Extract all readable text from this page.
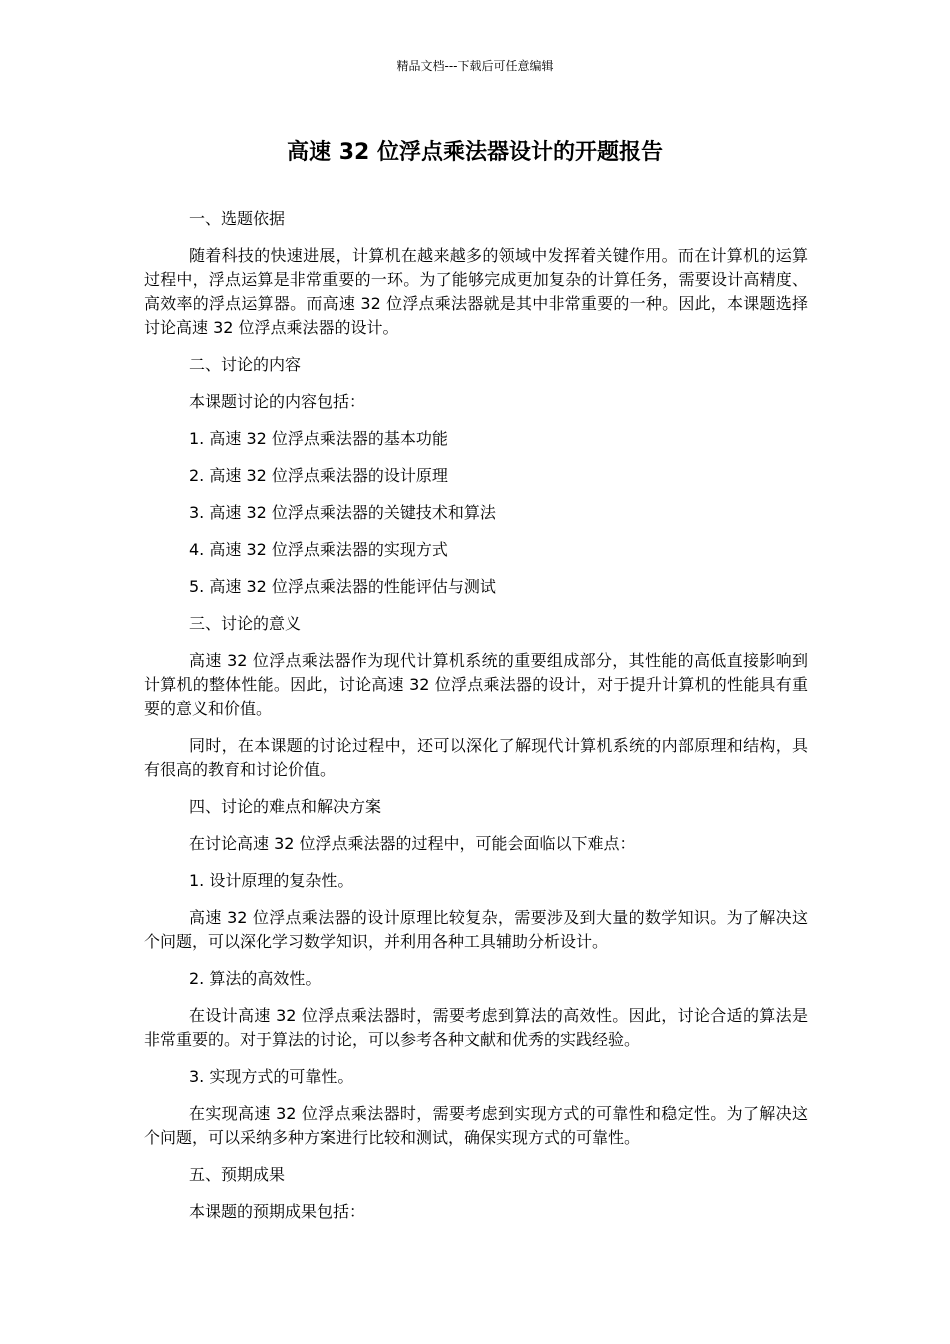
精品文档---下载后可任意编辑
高速 32 位浮点乘法器设计的开题报告

一、选题依据

随着科技的快速进展，计算机在越来越多的领域中发挥着关键作用。而在计算机的运算过程中，浮点运算是非常重要的一环。为了能够完成更加复杂的计算任务，需要设计高精度、高效率的浮点运算器。而高速 32 位浮点乘法器就是其中非常重要的一种。因此，本课题选择讨论高速 32 位浮点乘法器的设计。

二、讨论的内容

本课题讨论的内容包括：

1. 高速 32 位浮点乘法器的基本功能

2. 高速 32 位浮点乘法器的设计原理

3. 高速 32 位浮点乘法器的关键技术和算法

4. 高速 32 位浮点乘法器的实现方式

5. 高速 32 位浮点乘法器的性能评估与测试

三、讨论的意义

高速 32 位浮点乘法器作为现代计算机系统的重要组成部分，其性能的高低直接影响到计算机的整体性能。因此，讨论高速 32 位浮点乘法器的设计，对于提升计算机的性能具有重要的意义和价值。

同时，在本课题的讨论过程中，还可以深化了解现代计算机系统的内部原理和结构，具有很高的教育和讨论价值。

四、讨论的难点和解决方案

在讨论高速 32 位浮点乘法器的过程中，可能会面临以下难点：

1. 设计原理的复杂性。

高速 32 位浮点乘法器的设计原理比较复杂，需要涉及到大量的数学知识。为了解决这个问题，可以深化学习数学知识，并利用各种工具辅助分析设计。

2. 算法的高效性。

在设计高速 32 位浮点乘法器时，需要考虑到算法的高效性。因此，讨论合适的算法是非常重要的。对于算法的讨论，可以参考各种文献和优秀的实践经验。

3. 实现方式的可靠性。

在实现高速 32 位浮点乘法器时，需要考虑到实现方式的可靠性和稳定性。为了解决这个问题，可以采纳多种方案进行比较和测试，确保实现方式的可靠性。

五、预期成果

本课题的预期成果包括：
